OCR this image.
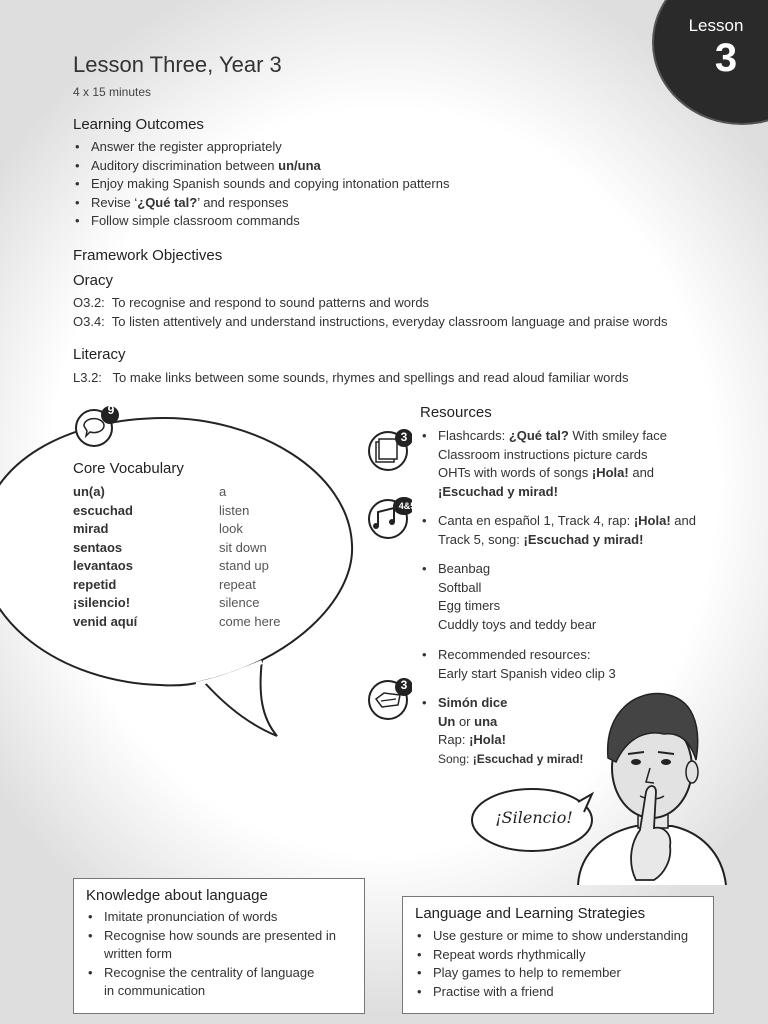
Lesson
3
Lesson Three, Year 3
4 x 15 minutes
Learning Outcomes
• Answer the register appropriately
• Auditory discrimination between un/una
• Enjoy making Spanish sounds and copying intonation patterns
• Revise ‘¿Qué tal?’ and responses
• Follow simple classroom commands
Framework Objectives
Oracy
O3.2: To recognise and respond to sound patterns and words
O3.4: To listen attentively and understand instructions, everyday classroom language and praise words
Literacy
L3.2: To make links between some sounds, rhymes and spellings and read aloud familiar words
9
Core Vocabulary
un(a)	a
escuchad	listen
mirad	look
sentaos	sit down
levantaos	stand up
repetid	repeat
¡silencio!	silence
venid aquí	come here
Resources
3	• Flashcards: ¿Qué tal? With smiley face
Classroom instructions picture cards
OHTs with words of songs ¡Hola! and
¡Escuchad y mirad!
4&5
• Canta en español 1, Track 4, rap: ¡Hola! and
Track 5, song: ¡Escuchad y mirad!
• Beanbag
Softball
Egg timers
Cuddly toys and teddy bear
• Recommended resources:
Early start Spanish video clip 3
3
• Simón dice
Un or una
Rap: ¡Hola!
Song: ¡Escuchad y mirad!
¡Silencio!
Knowledge about language
• Imitate pronunciation of words
• Recognise how sounds are presented in
written form
• Recognise the centrality of language
in communication
Language and Learning Strategies
• Use gesture or mime to show understanding
• Repeat words rhythmically
• Play games to help to remember
• Practise with a friend
